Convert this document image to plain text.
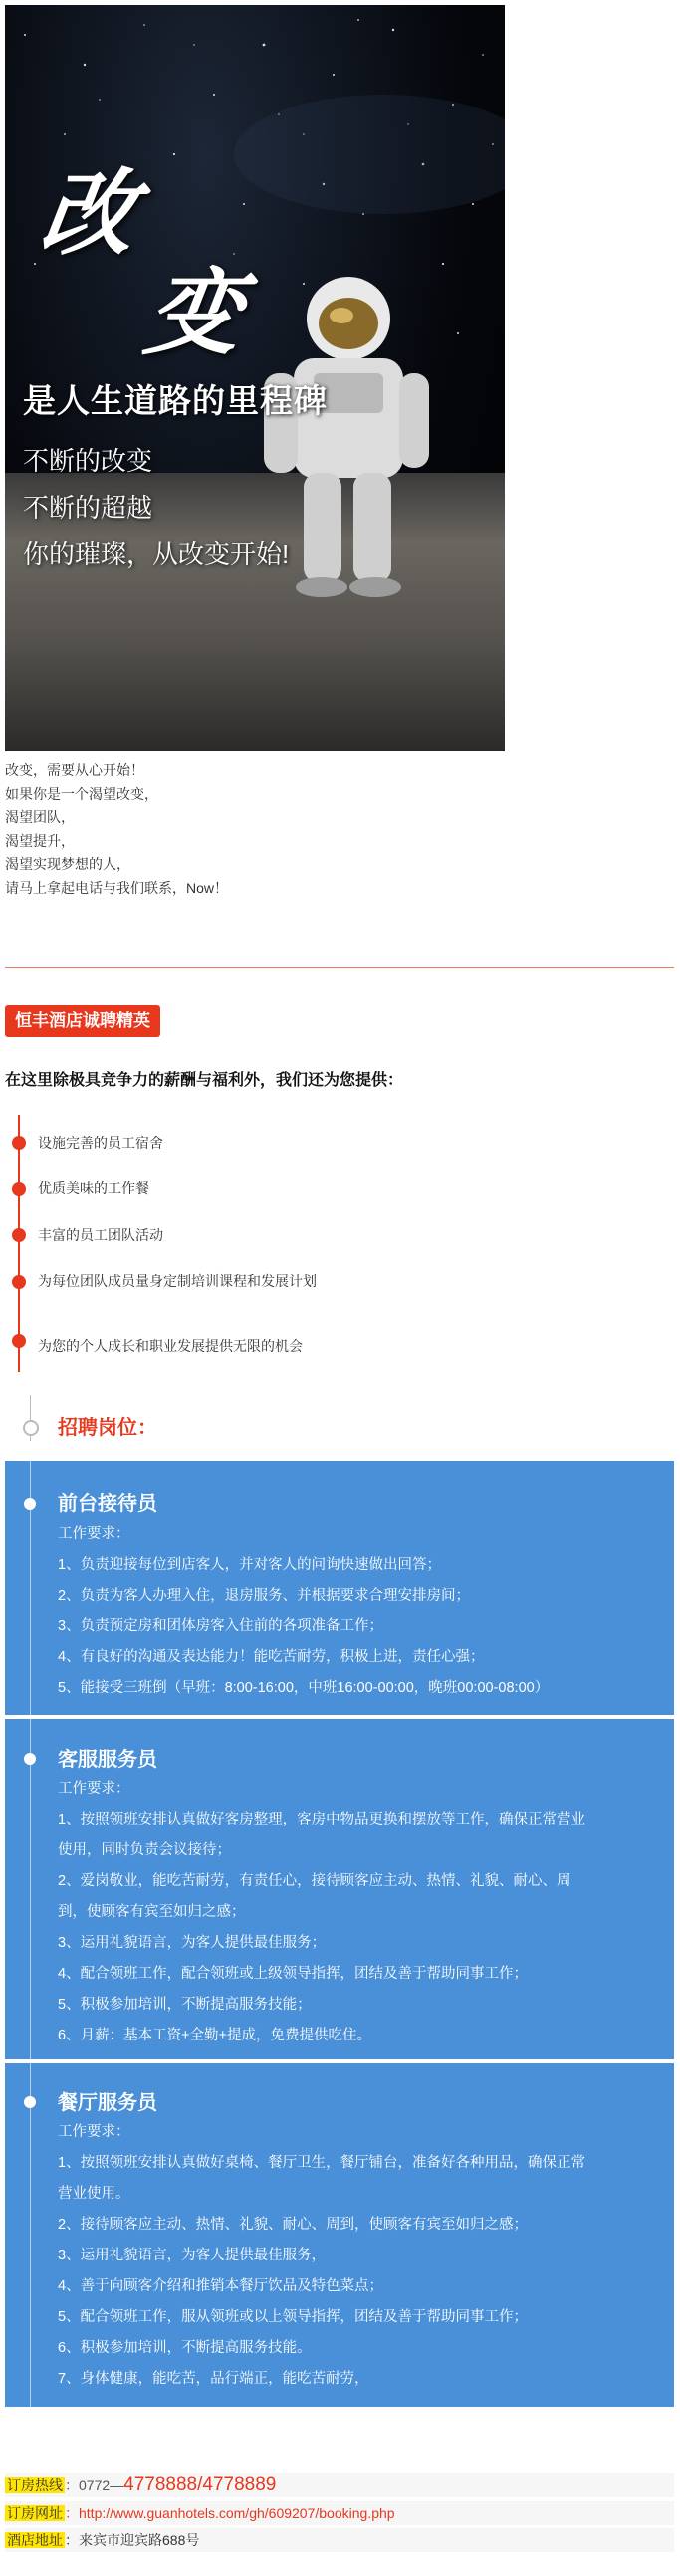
改
变
是人生道路的里程碑
不断的改变
不断的超越
你的璀璨，从改变开始!
改变，需要从心开始！
如果你是一个渴望改变，
渴望团队，
渴望提升，
渴望实现梦想的人，
请马上拿起电话与我们联系，Now！
恒丰酒店诚聘精英
在这里除极具竞争力的薪酬与福利外，我们还为您提供：
设施完善的员工宿舍
优质美味的工作餐
丰富的员工团队活动
为每位团队成员量身定制培训课程和发展计划
为您的个人成长和职业发展提供无限的机会
招聘岗位：
前台接待员
工作要求：
1、负责迎接每位到店客人，并对客人的问询快速做出回答；
2、负责为客人办理入住，退房服务、并根据要求合理安排房间；
3、负责预定房和团体房客入住前的各项准备工作；
4、有良好的沟通及表达能力！能吃苦耐劳，积极上进，责任心强；
5、能接受三班倒（早班：8:00-16:00，中班16:00-00:00，晚班00:00-08:00）
客服服务员
工作要求：
1、按照领班安排认真做好客房整理，客房中物品更换和摆放等工作，确保正常营业
使用，同时负责会议接待；
2、爱岗敬业，能吃苦耐劳，有责任心，接待顾客应主动、热情、礼貌、耐心、周
到，使顾客有宾至如归之感；
3、运用礼貌语言，为客人提供最佳服务；
4、配合领班工作，配合领班或上级领导指挥，团结及善于帮助同事工作；
5、积极参加培训，不断提高服务技能；
6、月薪：基本工资+全勤+提成，免费提供吃住。
餐厅服务员
工作要求：
1、按照领班安排认真做好桌椅、餐厅卫生，餐厅铺台，准备好各种用品，确保正常
营业使用。
2、接待顾客应主动、热情、礼貌、耐心、周到，使顾客有宾至如归之感；
3、运用礼貌语言，为客人提供最佳服务，
4、善于向顾客介绍和推销本餐厅饮品及特色菜点；
5、配合领班工作，服从领班或以上领导指挥，团结及善于帮助同事工作；
6、积极参加培训，不断提高服务技能。
7、身体健康，能吃苦，品行端正，能吃苦耐劳，
订房热线 ：0772—4778888/4778889
订房网址 ：http://www.guanhotels.com/gh/609207/booking.php
酒店地址 ：来宾市迎宾路688号
